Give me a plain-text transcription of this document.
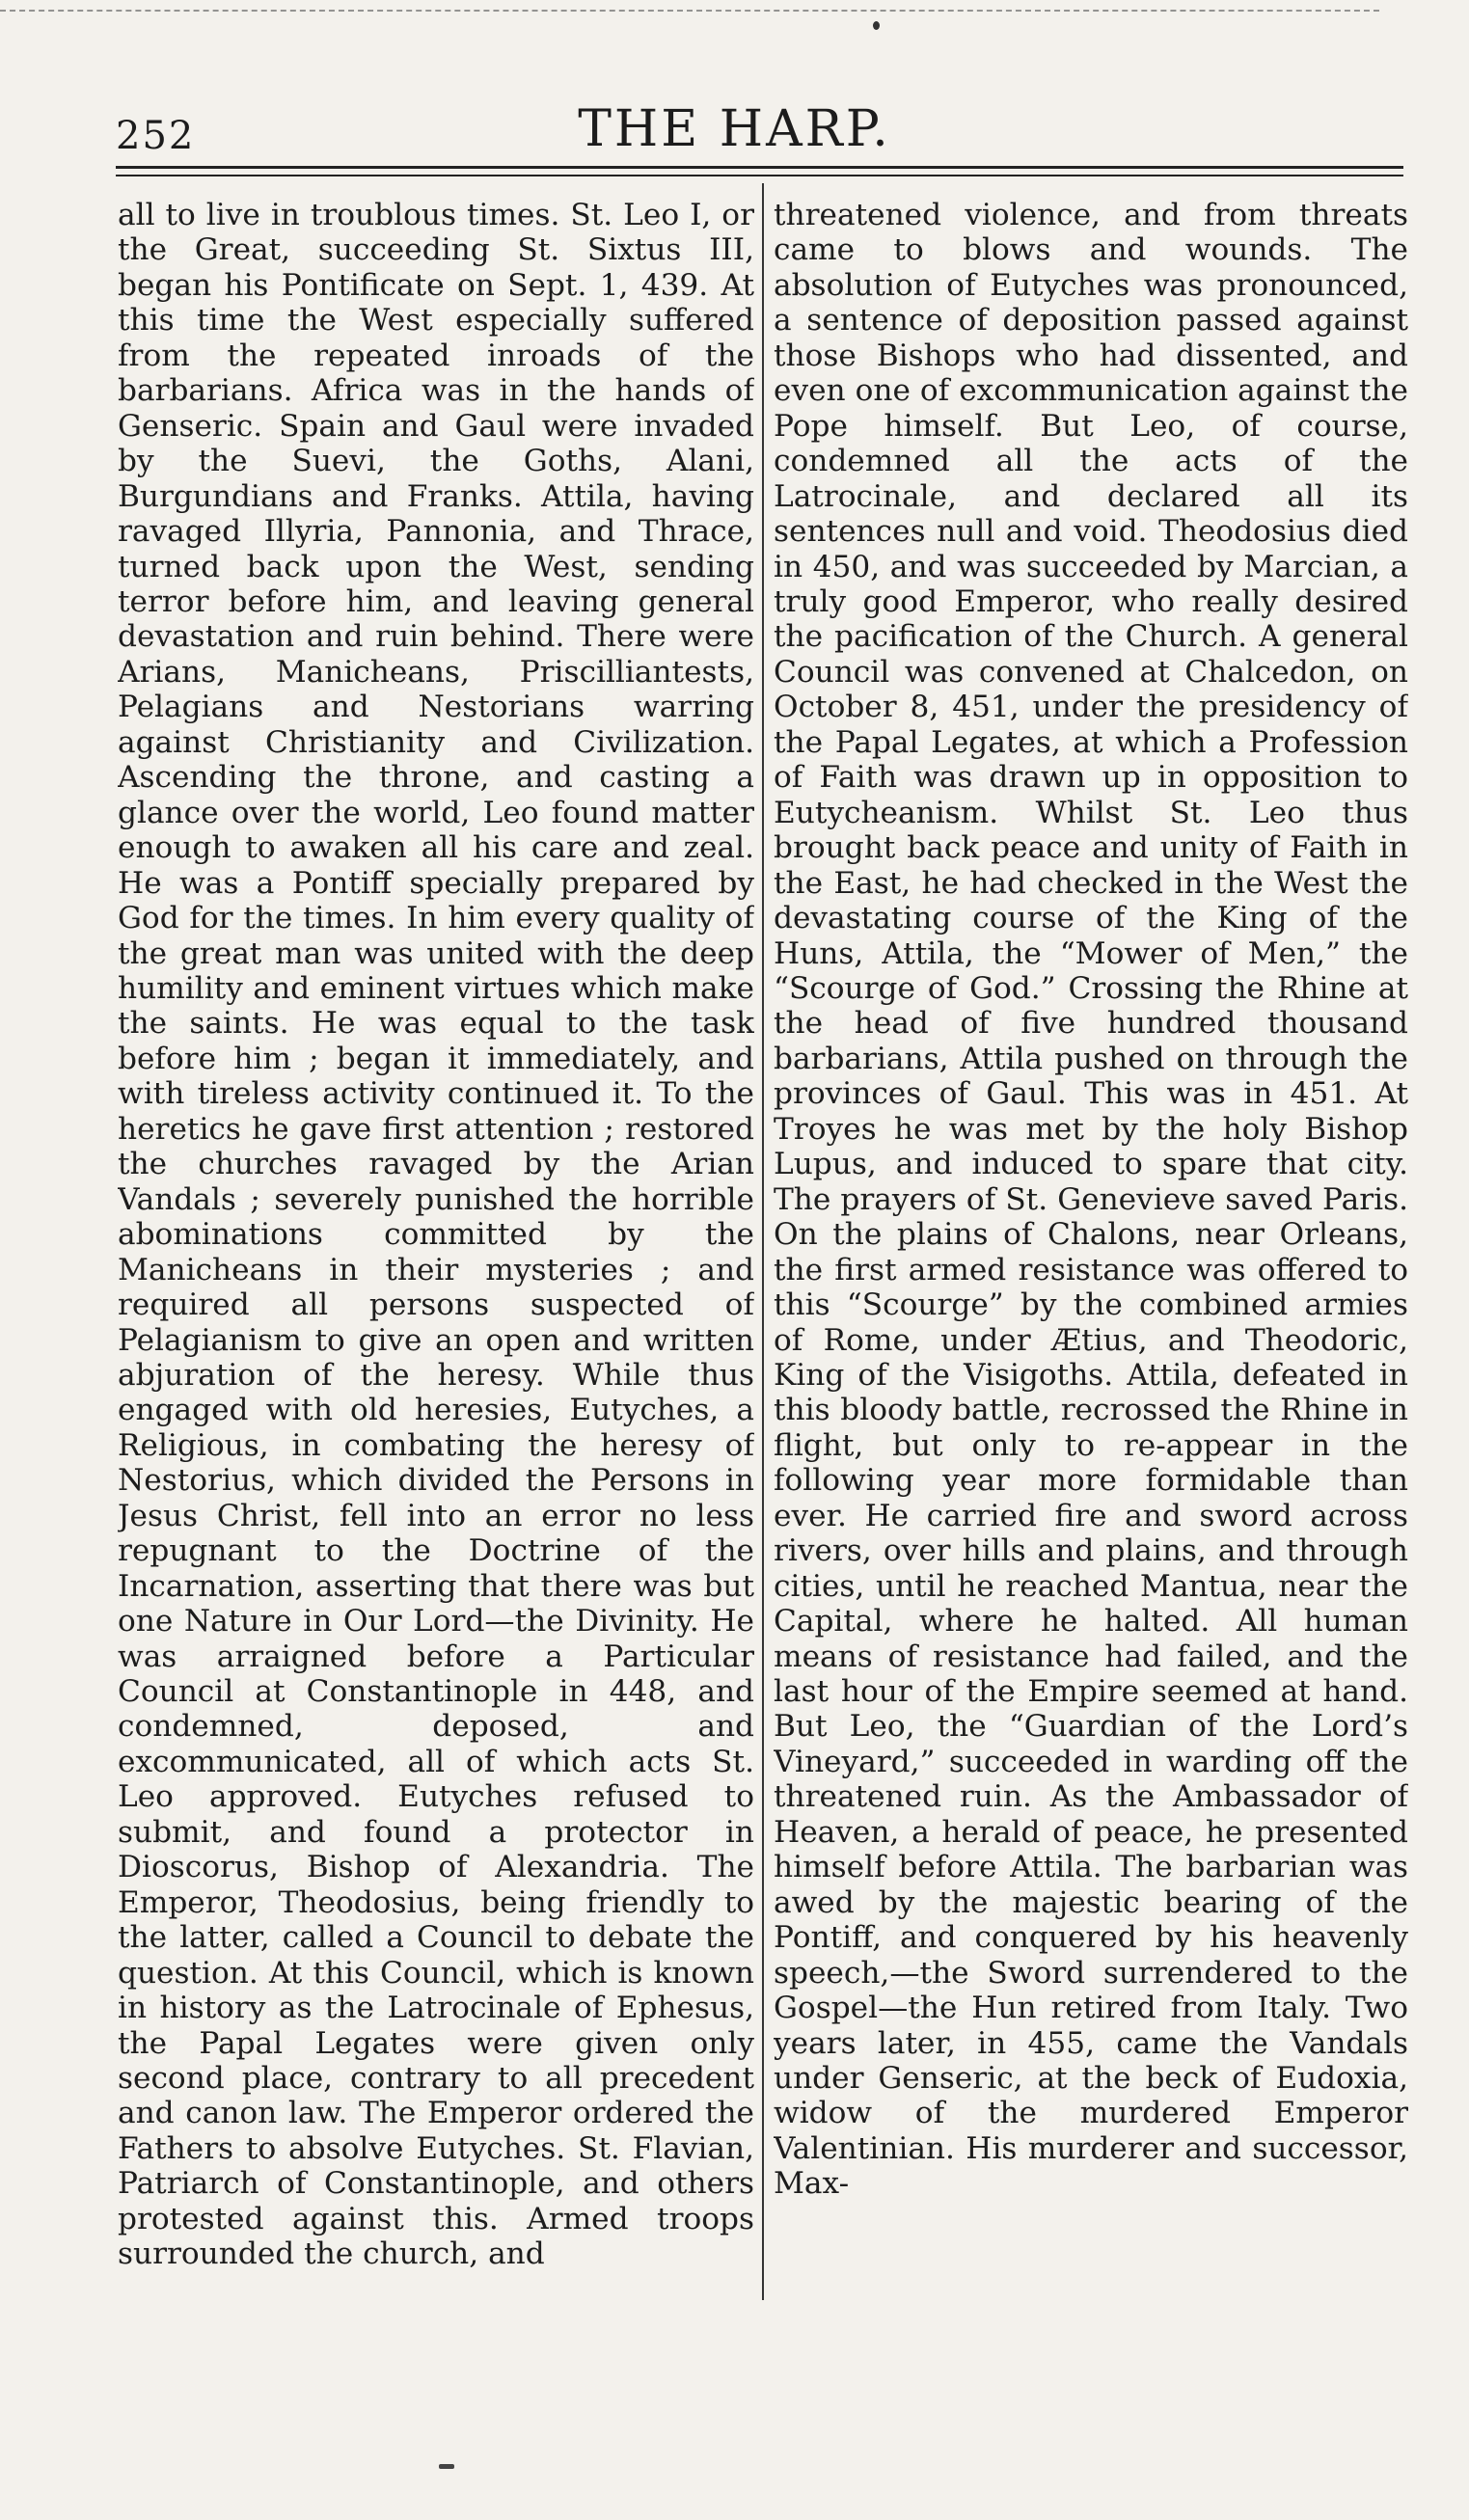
252	THE HARP.

all to live in troublous times. St. Leo I, or the Great, succeeding St. Sixtus III, began his Pontificate on Sept. 1, 439. At this time the West especially suffered from the repeated inroads of the barbarians. Africa was in the hands of Genseric. Spain and Gaul were invaded by the Suevi, the Goths, Alani, Burgundians and Franks. Attila, having ravaged Illyria, Pannonia, and Thrace, turned back upon the West, sending terror before him, and leaving general devastation and ruin behind. There were Arians, Manicheans, Priscilliantests, Pelagians and Nestorians warring against Christianity and Civilization. Ascending the throne, and casting a glance over the world, Leo found matter enough to awaken all his care and zeal. He was a Pontiff specially prepared by God for the times. In him every quality of the great man was united with the deep humility and eminent virtues which make the saints. He was equal to the task before him ; began it immediately, and with tireless activity continued it. To the heretics he gave first attention ; restored the churches ravaged by the Arian Vandals ; severely punished the horrible abominations committed by the Manicheans in their mysteries ; and required all persons suspected of Pelagianism to give an open and written abjuration of the heresy. While thus engaged with old heresies, Eutyches, a Religious, in combating the heresy of Nestorius, which divided the Persons in Jesus Christ, fell into an error no less repugnant to the Doctrine of the Incarnation, asserting that there was but one Nature in Our Lord—the Divinity. He was arraigned before a Particular Council at Constantinople in 448, and condemned, deposed, and excommunicated, all of which acts St. Leo approved. Eutyches refused to submit, and found a protector in Dioscorus, Bishop of Alexandria. The Emperor, Theodosius, being friendly to the latter, called a Council to debate the question. At this Council, which is known in history as the Latrocinale of Ephesus, the Papal Legates were given only second place, contrary to all precedent and canon law. The Emperor ordered the Fathers to absolve Eutyches. St. Flavian, Patriarch of Constantinople, and others protested against this. Armed troops surrounded the church, and

threatened violence, and from threats came to blows and wounds. The absolution of Eutyches was pronounced, a sentence of deposition passed against those Bishops who had dissented, and even one of excommunication against the Pope himself. But Leo, of course, condemned all the acts of the Latrocinale, and declared all its sentences null and void. Theodosius died in 450, and was succeeded by Marcian, a truly good Emperor, who really desired the pacification of the Church. A general Council was convened at Chalcedon, on October 8, 451, under the presidency of the Papal Legates, at which a Profession of Faith was drawn up in opposition to Eutycheanism. Whilst St. Leo thus brought back peace and unity of Faith in the East, he had checked in the West the devastating course of the King of the Huns, Attila, the “Mower of Men,” the “Scourge of God.” Crossing the Rhine at the head of five hundred thousand barbarians, Attila pushed on through the provinces of Gaul. This was in 451. At Troyes he was met by the holy Bishop Lupus, and induced to spare that city. The prayers of St. Genevieve saved Paris. On the plains of Chalons, near Orleans, the first armed resistance was offered to this “Scourge” by the combined armies of Rome, under Ætius, and Theodoric, King of the Visigoths. Attila, defeated in this bloody battle, recrossed the Rhine in flight, but only to re-appear in the following year more formidable than ever. He carried fire and sword across rivers, over hills and plains, and through cities, until he reached Mantua, near the Capital, where he halted. All human means of resistance had failed, and the last hour of the Empire seemed at hand. But Leo, the “Guardian of the Lord’s Vineyard,” succeeded in warding off the threatened ruin. As the Ambassador of Heaven, a herald of peace, he presented himself before Attila. The barbarian was awed by the majestic bearing of the Pontiff, and conquered by his heavenly speech,—the Sword surrendered to the Gospel—the Hun retired from Italy. Two years later, in 455, came the Vandals under Genseric, at the beck of Eudoxia, widow of the murdered Emperor Valentinian. His murderer and successor, Max-
